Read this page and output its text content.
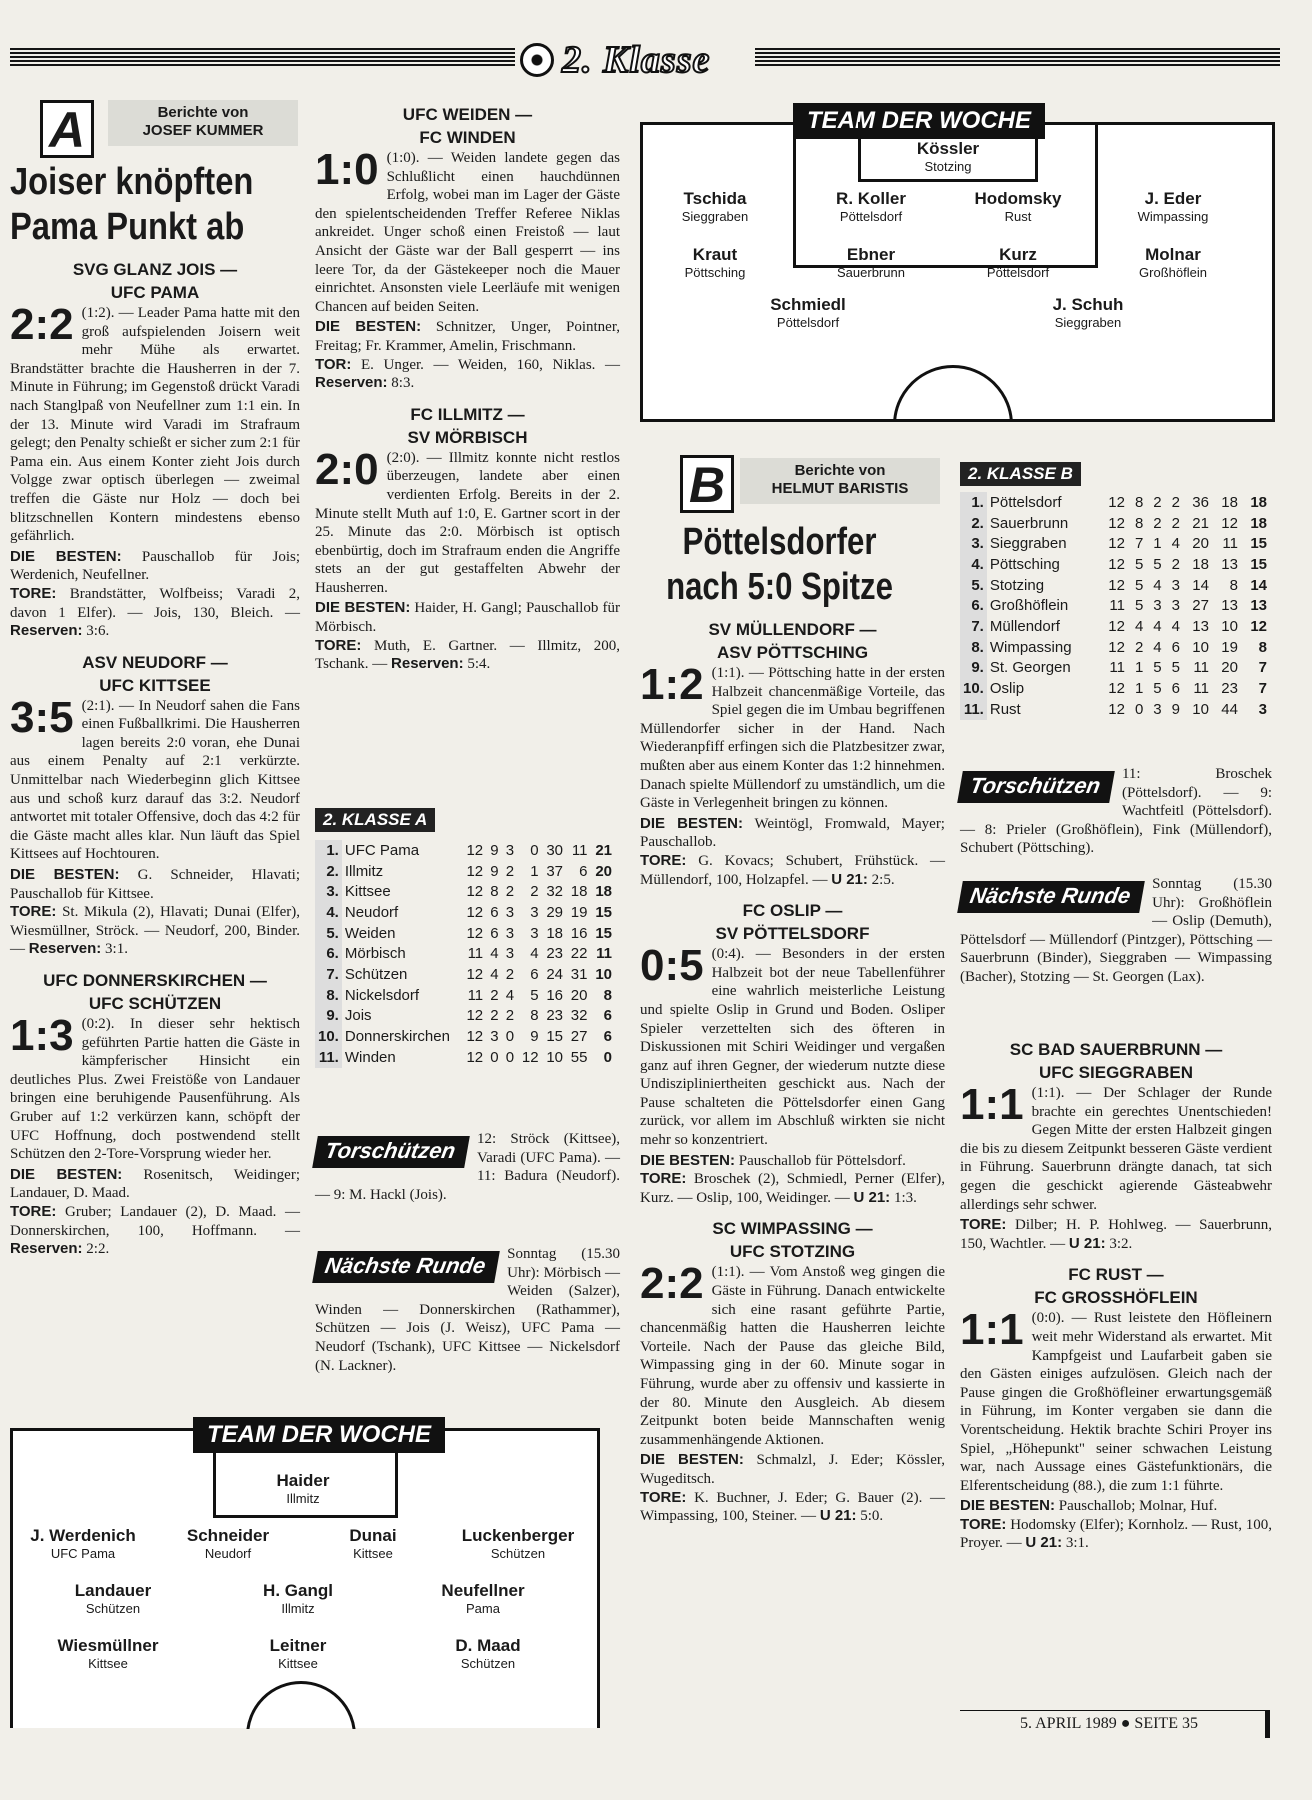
2. Klasse
A	Berichte von
JOSEF KUMMER
Joiser knöpften
Pama Punkt ab
SVG GLANZ JOIS —
UFC PAMA
2:2 (1:2). — Leader Pama hatte mit den groß aufspielenden Joisern weit mehr Mühe als erwartet. Brandstätter brachte die Hausherren in der 7. Minute in Führung; im Gegenstoß drückt Varadi nach Stanglpaß von Neufellner zum 1:1 ein. In der 13. Minute wird Varadi im Strafraum gelegt; den Penalty schießt er sicher zum 2:1 für Pama ein. Aus einem Konter zieht Jois durch Volgge zwar optisch überlegen — zweimal treffen die Gäste nur Holz — doch bei blitzschnellen Kontern mindestens ebenso gefährlich.
DIE BESTEN: Pauschallob für Jois; Werdenich, Neufellner.
TORE: Brandstätter, Wolfbeiss; Varadi 2, davon 1 Elfer). — Jois, 130, Bleich. — Reserven: 3:6.
ASV NEUDORF —
UFC KITTSEE
3:5 (2:1). — In Neudorf sahen die Fans einen Fußballkrimi. Die Hausherren lagen bereits 2:0 voran, ehe Dunai aus einem Penalty auf 2:1 verkürzte. Unmittelbar nach Wiederbeginn glich Kittsee aus und schoß kurz darauf das 3:2. Neudorf antwortet mit totaler Offensive, doch das 4:2 für die Gäste macht alles klar. Nun läuft das Spiel Kittsees auf Hochtouren.
DIE BESTEN: G. Schneider, Hlavati; Pauschallob für Kittsee.
TORE: St. Mikula (2), Hlavati; Dunai (Elfer), Wiesmüllner, Ströck. — Neudorf, 200, Binder. — Reserven: 3:1.
UFC DONNERSKIRCHEN —
UFC SCHÜTZEN
1:3 (0:2). In dieser sehr hektisch geführten Partie hatten die Gäste in kämpferischer Hinsicht ein deutliches Plus. Zwei Freistöße von Landauer bringen eine beruhigende Pausenführung. Als Gruber auf 1:2 verkürzen kann, schöpft der UFC Hoffnung, doch postwendend stellt Schützen den 2-Tore-Vorsprung wieder her.
DIE BESTEN: Rosenitsch, Weidinger; Landauer, D. Maad.
TORE: Gruber; Landauer (2), D. Maad. — Donnerskirchen, 100, Hoffmann. — Reserven: 2:2.
UFC WEIDEN —
FC WINDEN
1:0 (1:0). — Weiden landete gegen das Schlußlicht einen hauchdünnen Erfolg, wobei man im Lager der Gäste den spielentscheidenden Treffer Referee Niklas ankreidet. Unger schoß einen Freistoß — laut Ansicht der Gäste war der Ball gesperrt — ins leere Tor, da der Gästekeeper noch die Mauer einrichtet. Ansonsten viele Leerläufe mit wenigen Chancen auf beiden Seiten.
DIE BESTEN: Schnitzer, Unger, Pointner, Freitag; Fr. Krammer, Amelin, Frischmann.
TOR: E. Unger. — Weiden, 160, Niklas. — Reserven: 8:3.
FC ILLMITZ —
SV MÖRBISCH
2:0 (2:0). — Illmitz konnte nicht restlos überzeugen, landete aber einen verdienten Erfolg. Bereits in der 2. Minute stellt Muth auf 1:0, E. Gartner scort in der 25. Minute das 2:0. Mörbisch ist optisch ebenbürtig, doch im Strafraum enden die Angriffe stets an der gut gestaffelten Abwehr der Hausherren.
DIE BESTEN: Haider, H. Gangl; Pauschallob für Mörbisch.
TORE: Muth, E. Gartner. — Illmitz, 200, Tschank. — Reserven: 5:4.
2. KLASSE A
1.	UFC Pama	12	9	3	0	30	11	21
2.	Illmitz	12	9	2	1	37	6	20
3.	Kittsee	12	8	2	2	32	18	18
4.	Neudorf	12	6	3	3	29	19	15
5.	Weiden	12	6	3	3	18	16	15
6.	Mörbisch	11	4	3	4	23	22	11
7.	Schützen	12	4	2	6	24	31	10
8.	Nickelsdorf	11	2	4	5	16	20	8
9.	Jois	12	2	2	8	23	32	6
10.	Donnerskirchen	12	3	0	9	15	27	6
11.	Winden	12	0	0	12	10	55	0
Torschützen	12: Ströck (Kittsee), Varadi (UFC Pama). — 11: Badura (Neudorf). — 9: M. Hackl (Jois).
Nächste Runde	Sonntag (15.30 Uhr): Mörbisch — Weiden (Salzer), Winden — Donnerskirchen (Rathammer), Schützen — Jois (J. Weisz), UFC Pama — Neudorf (Tschank), UFC Kittsee — Nickelsdorf (N. Lackner).
TEAM DER WOCHE
Haider
Illmitz
J. Werdenich
UFC Pama
Schneider
Neudorf
Dunai
Kittsee
Luckenberger
Schützen
Landauer
Schützen
H. Gangl
Illmitz
Neufellner
Pama
Wiesmüllner
Kittsee
Leitner
Kittsee
D. Maad
Schützen
TEAM DER WOCHE
Kössler
Stotzing
Tschida
Sieggraben
R. Koller
Pöttelsdorf
Hodomsky
Rust
J. Eder
Wimpassing
Kraut
Pöttsching
Ebner
Sauerbrunn
Kurz
Pöttelsdorf
Molnar
Großhöflein
Schmiedl
Pöttelsdorf
J. Schuh
Sieggraben
B	Berichte von
HELMUT BARISTIS
Pöttelsdorfer
nach 5:0 Spitze
SV MÜLLENDORF —
ASV PÖTTSCHING
1:2 (1:1). — Pöttsching hatte in der ersten Halbzeit chancenmäßige Vorteile, das Spiel gegen die im Umbau begriffenen Müllendorfer sicher in der Hand. Nach Wiederanpfiff erfingen sich die Platzbesitzer zwar, mußten aber aus einem Konter das 1:2 hinnehmen. Danach spielte Müllendorf zu umständlich, um die Gäste in Verlegenheit bringen zu können.
DIE BESTEN: Weintögl, Fromwald, Mayer; Pauschallob.
TORE: G. Kovacs; Schubert, Frühstück. — Müllendorf, 100, Holzapfel. — U 21: 2:5.
FC OSLIP —
SV PÖTTELSDORF
0:5 (0:4). — Besonders in der ersten Halbzeit bot der neue Tabellenführer eine wahrlich meisterliche Leistung und spielte Oslip in Grund und Boden. Osliper Spieler verzettelten sich des öfteren in Diskussionen mit Schiri Weidinger und vergaßen ganz auf ihren Gegner, der wiederum nutzte diese Undiszipliniertheiten geschickt aus. Nach der Pause schalteten die Pöttelsdorfer einen Gang zurück, vor allem im Abschluß wirkten sie nicht mehr so konzentriert.
DIE BESTEN: Pauschallob für Pöttelsdorf.
TORE: Broschek (2), Schmiedl, Perner (Elfer), Kurz. — Oslip, 100, Weidinger. — U 21: 1:3.
SC WIMPASSING —
UFC STOTZING
2:2 (1:1). — Vom Anstoß weg gingen die Gäste in Führung. Danach entwickelte sich eine rasant geführte Partie, chancenmäßig hatten die Hausherren leichte Vorteile. Nach der Pause das gleiche Bild, Wimpassing ging in der 60. Minute sogar in Führung, wurde aber zu offensiv und kassierte in der 80. Minute den Ausgleich. Ab diesem Zeitpunkt boten beide Mannschaften wenig zusammenhängende Aktionen.
DIE BESTEN: Schmalzl, J. Eder; Kössler, Wugeditsch.
TORE: K. Buchner, J. Eder; G. Bauer (2). — Wimpassing, 100, Steiner. — U 21: 5:0.
2. KLASSE B
1.	Pöttelsdorf	12	8	2	2	36	18	18
2.	Sauerbrunn	12	8	2	2	21	12	18
3.	Sieggraben	12	7	1	4	20	11	15
4.	Pöttsching	12	5	5	2	18	13	15
5.	Stotzing	12	5	4	3	14	8	14
6.	Großhöflein	11	5	3	3	27	13	13
7.	Müllendorf	12	4	4	4	13	10	12
8.	Wimpassing	12	2	4	6	10	19	8
9.	St. Georgen	11	1	5	5	11	20	7
10.	Oslip	12	1	5	6	11	23	7
11.	Rust	12	0	3	9	10	44	3
Torschützen	11: Broschek (Pöttelsdorf). — 9: Wachtfeitl (Pöttelsdorf). — 8: Prieler (Großhöflein), Fink (Müllendorf), Schubert (Pöttsching).
Nächste Runde	Sonntag (15.30 Uhr): Großhöflein — Oslip (Demuth), Pöttelsdorf — Müllendorf (Pintzger), Pöttsching — Sauerbrunn (Binder), Sieggraben — Wimpassing (Bacher), Stotzing — St. Georgen (Lax).
SC BAD SAUERBRUNN —
UFC SIEGGRABEN
1:1 (1:1). — Der Schlager der Runde brachte ein gerechtes Unentschieden! Gegen Mitte der ersten Halbzeit gingen die bis zu diesem Zeitpunkt besseren Gäste verdient in Führung. Sauerbrunn drängte danach, tat sich gegen die geschickt agierende Gästeabwehr allerdings sehr schwer.
TORE: Dilber; H. P. Hohlweg. — Sauerbrunn, 150, Wachtler. — U 21: 3:2.
FC RUST —
FC GROSSHÖFLEIN
1:1 (0:0). — Rust leistete den Höfleinern weit mehr Widerstand als erwartet. Mit Kampfgeist und Laufarbeit gaben sie den Gästen einiges aufzulösen. Gleich nach der Pause gingen die Großhöfleiner erwartungsgemäß in Führung, im Konter vergaben sie dann die Vorentscheidung. Hektik brachte Schiri Proyer ins Spiel, „Höhepunkt" seiner schwachen Leistung war, nach Aussage eines Gästefunktionärs, die Elferentscheidung (88.), die zum 1:1 führte.
DIE BESTEN: Pauschallob; Molnar, Huf.
TORE: Hodomsky (Elfer); Kornholz. — Rust, 100, Proyer. — U 21: 3:1.
5. APRIL 1989 ● SEITE 35
